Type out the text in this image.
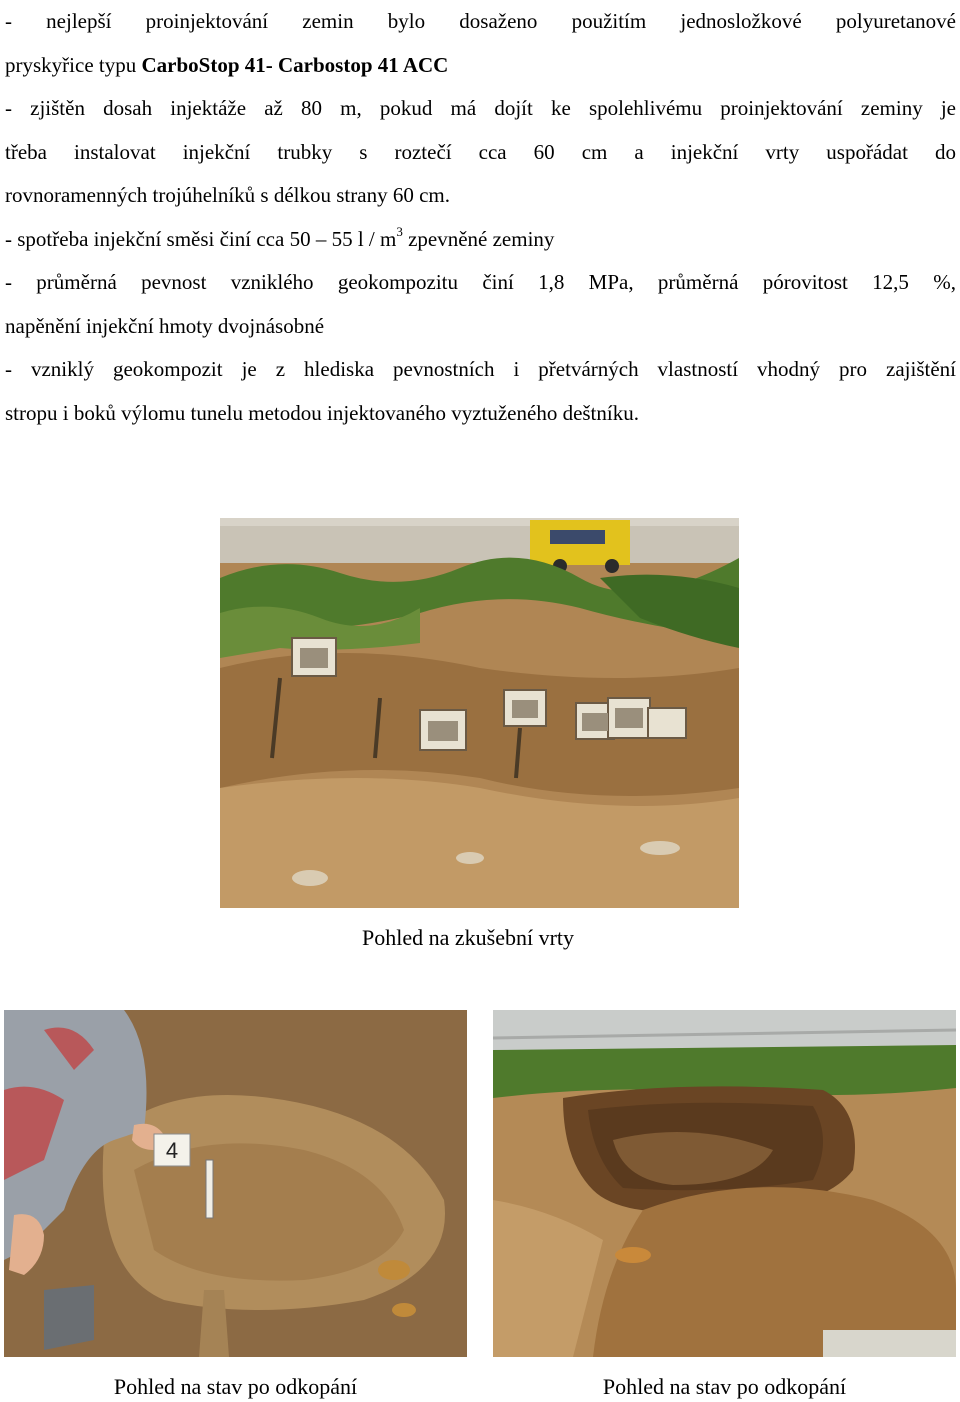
- nejlepší proinjektování zemin bylo dosaženo použitím jednosložkové polyuretanové
pryskyřice typu CarboStop 41- Carbostop 41 ACC
- zjištěn dosah injektáže až 80 m, pokud má dojít ke spolehlivému proinjektování zeminy je
třeba instalovat injekční trubky s roztečí cca 60 cm a injekční vrty uspořádat do
rovnoramenných trojúhelníků s délkou strany 60 cm.
- spotřeba injekční směsi činí cca 50 – 55 l / $m^3$ zpevněné zeminy
- průměrná pevnost vzniklého geokompozitu činí 1,8 MPa, průměrná pórovitost 12,5 %,
napěnění injekční hmoty dvojnásobné
- vzniklý geokompozit je z hlediska pevnostních i přetvárných vlastností vhodný pro zajištění
stropu i boků výlomu tunelu metodou injektovaného vyztuženého deštníku.
Pohled na zkušební vrty
4
Pohled na stav po odkopání	Pohled na stav po odkopání
